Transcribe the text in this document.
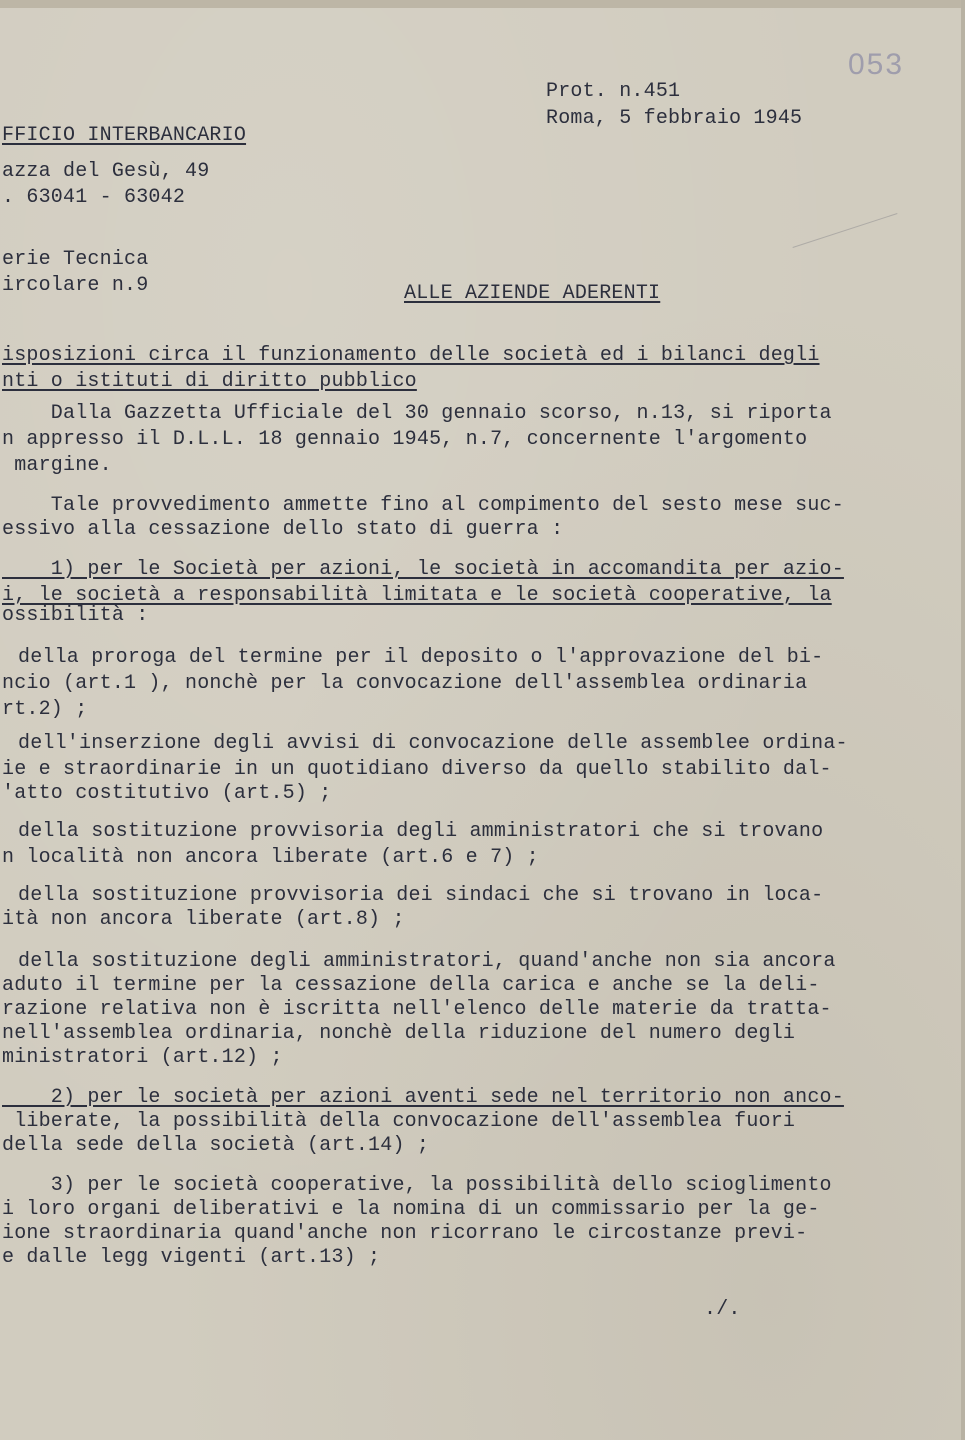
053
Prot. n.451
Roma, 5 febbraio 1945
FFICIO INTERBANCARIO
azza del Gesù, 49
. 63041 - 63042
erie Tecnica
ircolare n.9	ALLE AZIENDE ADERENTI
isposizioni circa il funzionamento delle società ed i bilanci degli
nti o istituti di diritto pubblico
Dalla Gazzetta Ufficiale del 30 gennaio scorso, n.13, si riporta
n appresso il D.L.L. 18 gennaio 1945, n.7, concernente l'argomento
margine.
Tale provvedimento ammette fino al compimento del sesto mese suc-
essivo alla cessazione dello stato di guerra :
1) per le Società per azioni, le società in accomandita per azio-
i, le società a responsabilità limitata e le società cooperative, la
ossibilità :
della proroga del termine per il deposito o l'approvazione del bi-
ncio (art.1 ), nonchè per la convocazione dell'assemblea ordinaria
rt.2) ;
dell'inserzione degli avvisi di convocazione delle assemblee ordina-
ie e straordinarie in un quotidiano diverso da quello stabilito dal-
'atto costitutivo (art.5) ;
della sostituzione provvisoria degli amministratori che si trovano
n località non ancora liberate (art.6 e 7) ;
della sostituzione provvisoria dei sindaci che si trovano in loca-
ità non ancora liberate (art.8) ;
della sostituzione degli amministratori, quand'anche non sia ancora
aduto il termine per la cessazione della carica e anche se la deli-
razione relativa non è iscritta nell'elenco delle materie da tratta-
nell'assemblea ordinaria, nonchè della riduzione del numero degli
ministratori (art.12) ;
2) per le società per azioni aventi sede nel territorio non anco-
liberate, la possibilità della convocazione dell'assemblea fuori
della sede della società (art.14) ;
3) per le società cooperative, la possibilità dello scioglimento
i loro organi deliberativi e la nomina di un commissario per la ge-
ione straordinaria quand'anche non ricorrano le circostanze previ-
e dalle legg vigenti (art.13) ;
./.
